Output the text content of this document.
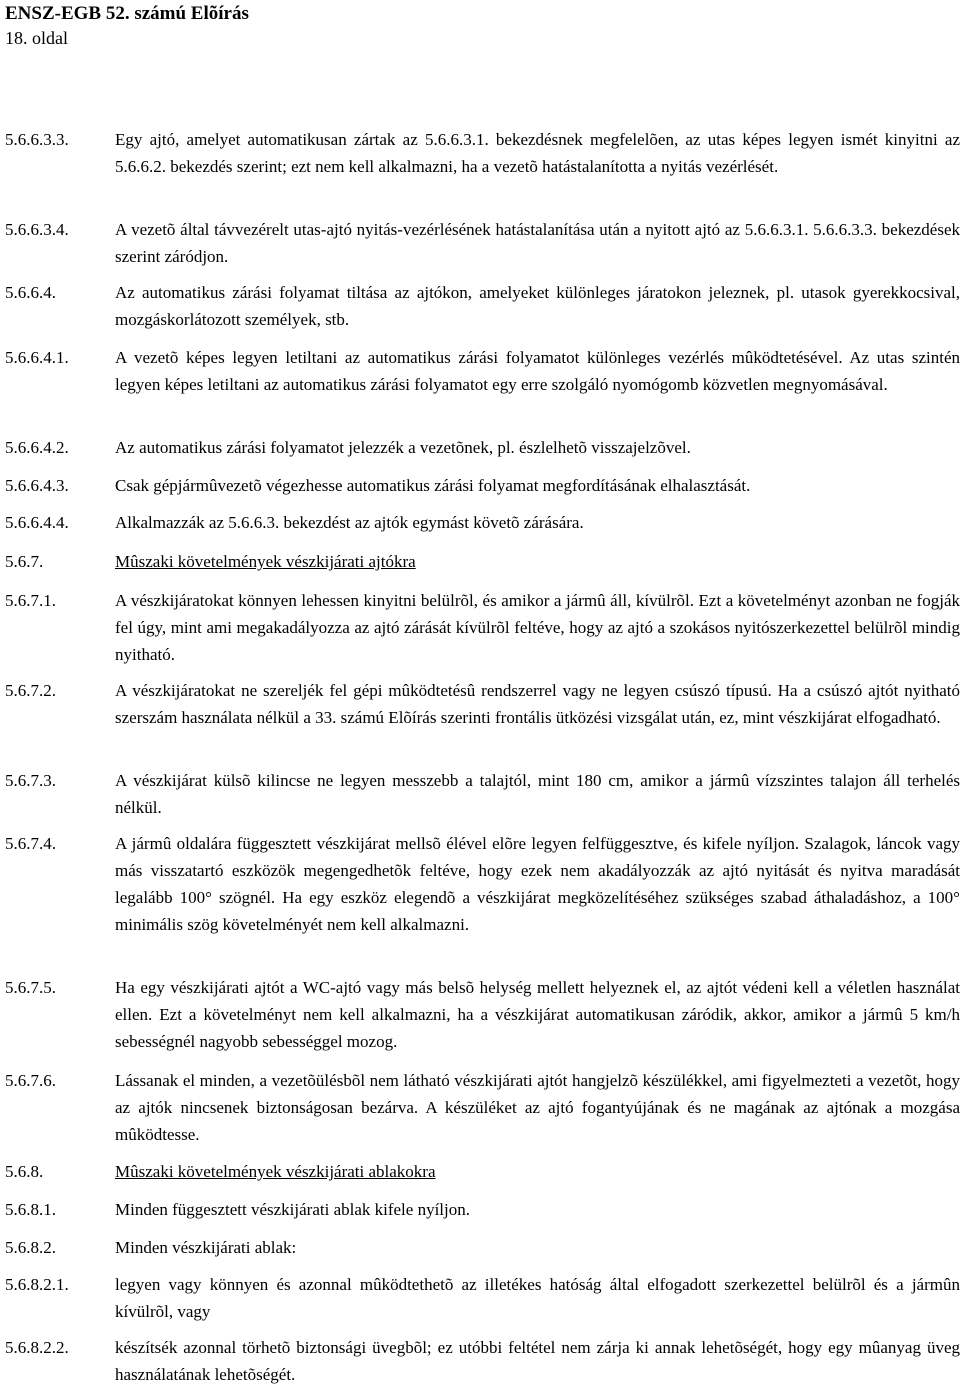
ENSZ-EGB 52. számú Elõírás
18. oldal
5.6.6.3.3.	Egy ajtó, amelyet automatikusan zártak az 5.6.6.3.1. bekezdésnek megfelelõen, az utas képes legyen ismét kinyitni az 5.6.6.2. bekezdés szerint; ezt nem kell alkalmazni, ha a vezetõ hatástalanította a nyitás vezérlését.
5.6.6.3.4.	A vezetõ által távvezérelt utas-ajtó nyitás-vezérlésének hatástalanítása után a nyitott ajtó az 5.6.6.3.1. 5.6.6.3.3. bekezdések szerint záródjon.
5.6.6.4.	Az automatikus zárási folyamat tiltása az ajtókon, amelyeket különleges járatokon jeleznek, pl. utasok gyerekkocsival, mozgáskorlátozott személyek, stb.
5.6.6.4.1.	A vezetõ képes legyen letiltani az automatikus zárási folyamatot különleges vezérlés mûködtetésével. Az utas szintén legyen képes letiltani az automatikus zárási folyamatot egy erre szolgáló nyomógomb közvetlen megnyomásával.
5.6.6.4.2.	Az automatikus zárási folyamatot jelezzék a vezetõnek, pl. észlelhetõ visszajelzõvel.
5.6.6.4.3.	Csak gépjármûvezetõ végezhesse automatikus zárási folyamat megfordításának elhalasztását.
5.6.6.4.4.	Alkalmazzák az 5.6.6.3. bekezdést az ajtók egymást követõ zárására.
5.6.7.	Mûszaki követelmények vészkijárati ajtókra
5.6.7.1.	A vészkijáratokat könnyen lehessen kinyitni belülrõl, és amikor a jármû áll, kívülrõl. Ezt a követelményt azonban ne fogják fel úgy, mint ami megakadályozza az ajtó zárását kívülrõl feltéve, hogy az ajtó a szokásos nyitószerkezettel belülrõl mindig nyitható.
5.6.7.2.	A vészkijáratokat ne szereljék fel gépi mûködtetésû rendszerrel vagy ne legyen csúszó típusú. Ha a csúszó ajtót nyitható szerszám használata nélkül a 33. számú Elõírás szerinti frontális ütközési vizsgálat után, ez, mint vészkijárat elfogadható.
5.6.7.3.	A vészkijárat külsõ kilincse ne legyen messzebb a talajtól, mint 180 cm, amikor a jármû vízszintes talajon áll terhelés nélkül.
5.6.7.4.	A jármû oldalára függesztett vészkijárat mellsõ élével elõre legyen felfüggesztve, és kifele nyíljon. Szalagok, láncok vagy más visszatartó eszközök megengedhetõk feltéve, hogy ezek nem akadályozzák az ajtó nyitását és nyitva maradását legalább 100° szögnél. Ha egy eszköz elegendõ a vészkijárat megközelítéséhez szükséges szabad áthaladáshoz, a 100° minimális szög követelményét nem kell alkalmazni.
5.6.7.5.	Ha egy vészkijárati ajtót a WC-ajtó vagy más belsõ helység mellett helyeznek el, az ajtót védeni kell a véletlen használat ellen. Ezt a követelményt nem kell alkalmazni, ha a vészkijárat automatikusan záródik, akkor, amikor a jármû 5 km/h sebességnél nagyobb sebességgel mozog.
5.6.7.6.	Lássanak el minden, a vezetõülésbõl nem látható vészkijárati ajtót hangjelzõ készülékkel, ami figyelmezteti a vezetõt, hogy az ajtók nincsenek biztonságosan bezárva. A készüléket az ajtó fogantyújának és ne magának az ajtónak a mozgása mûködtesse.
5.6.8.	Mûszaki követelmények vészkijárati ablakokra
5.6.8.1.	Minden függesztett vészkijárati ablak kifele nyíljon.
5.6.8.2.	Minden vészkijárati ablak:
5.6.8.2.1.	legyen vagy könnyen és azonnal mûködtethetõ az illetékes hatóság által elfogadott szerkezettel belülrõl és a jármûn kívülrõl, vagy
5.6.8.2.2.	készítsék azonnal törhetõ biztonsági üvegbõl; ez utóbbi feltétel nem zárja ki annak lehetõségét, hogy egy mûanyag üveg használatának lehetõségét.
